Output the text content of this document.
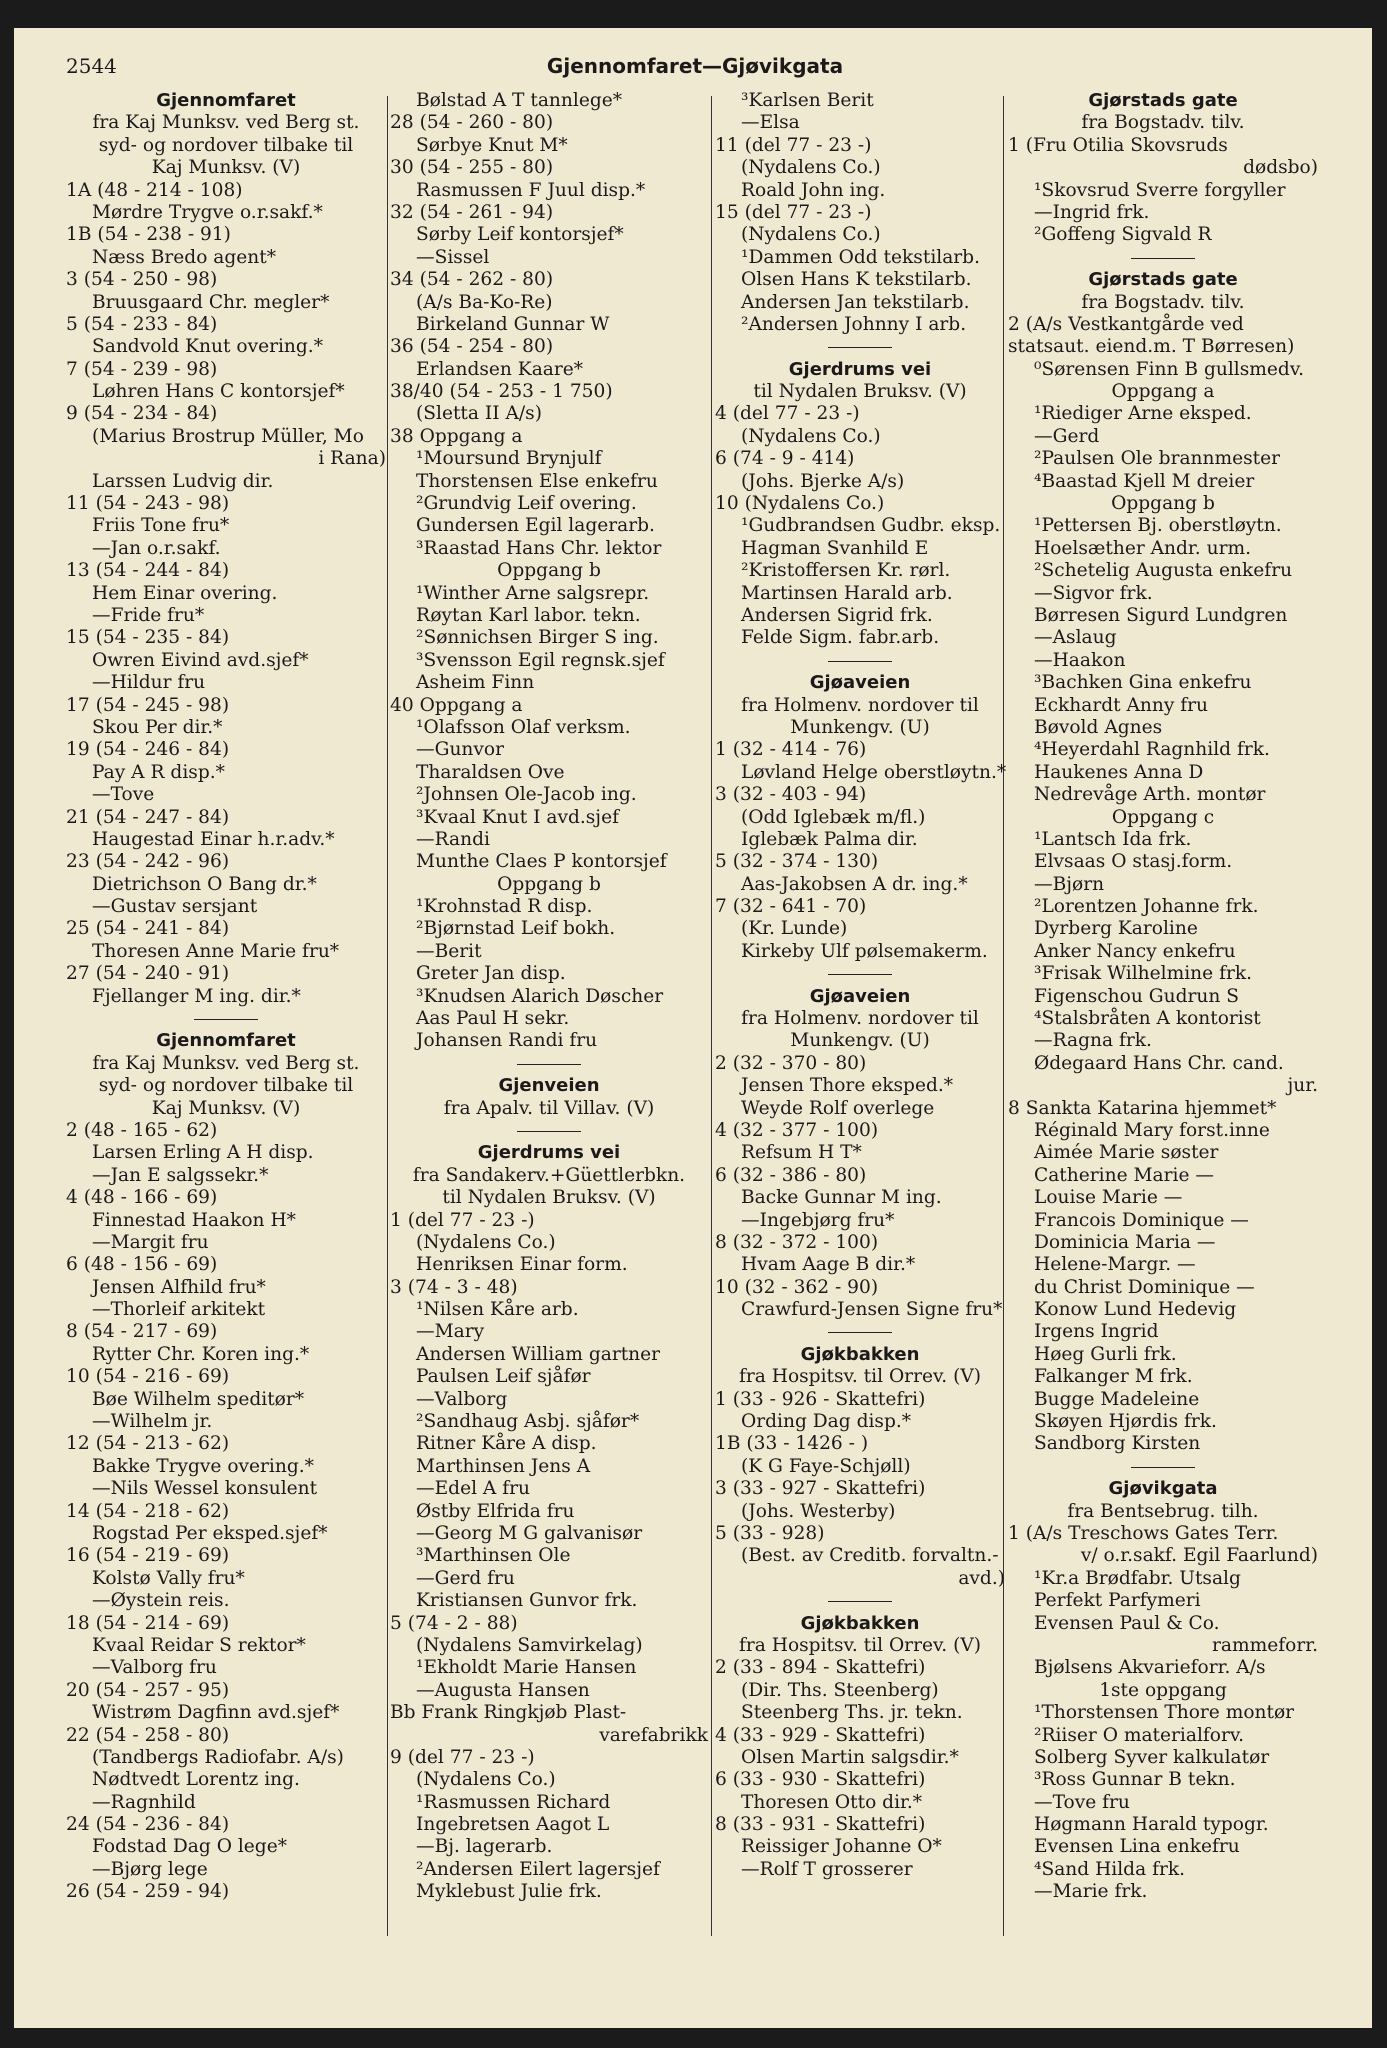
2544	Gjennomfaret—Gjøvikgata
Gjennomfaret
fra Kaj Munksv. ved Berg st.
syd- og nordover tilbake til
Kaj Munksv. (V)
1A (48 - 214 - 108)
Mørdre Trygve o.r.sakf.*
1B (54 - 238 - 91)
Næss Bredo agent*
3 (54 - 250 - 98)
Bruusgaard Chr. megler*
5 (54 - 233 - 84)
Sandvold Knut overing.*
7 (54 - 239 - 98)
Løhren Hans C kontorsjef*
9 (54 - 234 - 84)
(Marius Brostrup Müller, Mo
i Rana)
Larssen Ludvig dir.
11 (54 - 243 - 98)
Friis Tone fru*
—Jan o.r.sakf.
13 (54 - 244 - 84)
Hem Einar overing.
—Fride fru*
15 (54 - 235 - 84)
Owren Eivind avd.sjef*
—Hildur fru
17 (54 - 245 - 98)
Skou Per dir.*
19 (54 - 246 - 84)
Pay A R disp.*
—Tove
21 (54 - 247 - 84)
Haugestad Einar h.r.adv.*
23 (54 - 242 - 96)
Dietrichson O Bang dr.*
—Gustav sersjant
25 (54 - 241 - 84)
Thoresen Anne Marie fru*
27 (54 - 240 - 91)
Fjellanger M ing. dir.*
Gjennomfaret
fra Kaj Munksv. ved Berg st.
syd- og nordover tilbake til
Kaj Munksv. (V)
2 (48 - 165 - 62)
Larsen Erling A H disp.
—Jan E salgssekr.*
4 (48 - 166 - 69)
Finnestad Haakon H*
—Margit fru
6 (48 - 156 - 69)
Jensen Alfhild fru*
—Thorleif arkitekt
8 (54 - 217 - 69)
Rytter Chr. Koren ing.*
10 (54 - 216 - 69)
Bøe Wilhelm speditør*
—Wilhelm jr.
12 (54 - 213 - 62)
Bakke Trygve overing.*
—Nils Wessel konsulent
14 (54 - 218 - 62)
Rogstad Per eksped.sjef*
16 (54 - 219 - 69)
Kolstø Vally fru*
—Øystein reis.
18 (54 - 214 - 69)
Kvaal Reidar S rektor*
—Valborg fru
20 (54 - 257 - 95)
Wistrøm Dagfinn avd.sjef*
22 (54 - 258 - 80)
(Tandbergs Radiofabr. A/s)
Nødtvedt Lorentz ing.
—Ragnhild
24 (54 - 236 - 84)
Fodstad Dag O lege*
—Bjørg lege
26 (54 - 259 - 94)
Bølstad A T tannlege*
28 (54 - 260 - 80)
Sørbye Knut M*
30 (54 - 255 - 80)
Rasmussen F Juul disp.*
32 (54 - 261 - 94)
Sørby Leif kontorsjef*
—Sissel
34 (54 - 262 - 80)
(A/s Ba-Ko-Re)
Birkeland Gunnar W
36 (54 - 254 - 80)
Erlandsen Kaare*
38/40 (54 - 253 - 1 750)
(Sletta II A/s)
38 Oppgang a
¹Moursund Brynjulf
Thorstensen Else enkefru
²Grundvig Leif overing.
Gundersen Egil lagerarb.
³Raastad Hans Chr. lektor
Oppgang b
¹Winther Arne salgsrepr.
Røytan Karl labor. tekn.
²Sønnichsen Birger S ing.
³Svensson Egil regnsk.sjef
Asheim Finn
40 Oppgang a
¹Olafsson Olaf verksm.
—Gunvor
Tharaldsen Ove
²Johnsen Ole-Jacob ing.
³Kvaal Knut I avd.sjef
—Randi
Munthe Claes P kontorsjef
Oppgang b
¹Krohnstad R disp.
²Bjørnstad Leif bokh.
—Berit
Greter Jan disp.
³Knudsen Alarich Døscher
Aas Paul H sekr.
Johansen Randi fru
Gjenveien
fra Apalv. til Villav. (V)
Gjerdrums vei
fra Sandakerv.+Güettlerbkn.
til Nydalen Bruksv. (V)
1 (del 77 - 23 -)
(Nydalens Co.)
Henriksen Einar form.
3 (74 - 3 - 48)
¹Nilsen Kåre arb.
—Mary
Andersen William gartner
Paulsen Leif sjåfør
—Valborg
²Sandhaug Asbj. sjåfør*
Ritner Kåre A disp.
Marthinsen Jens A
—Edel A fru
Østby Elfrida fru
—Georg M G galvanisør
³Marthinsen Ole
—Gerd fru
Kristiansen Gunvor frk.
5 (74 - 2 - 88)
(Nydalens Samvirkelag)
¹Ekholdt Marie Hansen
—Augusta Hansen
Bb Frank Ringkjøb Plast-
varefabrikk
9 (del 77 - 23 -)
(Nydalens Co.)
¹Rasmussen Richard
Ingebretsen Aagot L
—Bj. lagerarb.
²Andersen Eilert lagersjef
Myklebust Julie frk.
³Karlsen Berit
—Elsa
11 (del 77 - 23 -)
(Nydalens Co.)
Roald John ing.
15 (del 77 - 23 -)
(Nydalens Co.)
¹Dammen Odd tekstilarb.
Olsen Hans K tekstilarb.
Andersen Jan tekstilarb.
²Andersen Johnny I arb.
Gjerdrums vei
til Nydalen Bruksv. (V)
4 (del 77 - 23 -)
(Nydalens Co.)
6 (74 - 9 - 414)
(Johs. Bjerke A/s)
10 (Nydalens Co.)
¹Gudbrandsen Gudbr. eksp.
Hagman Svanhild E
²Kristoffersen Kr. rørl.
Martinsen Harald arb.
Andersen Sigrid frk.
Felde Sigm. fabr.arb.
Gjøaveien
fra Holmenv. nordover til
Munkengv. (U)
1 (32 - 414 - 76)
Løvland Helge oberstløytn.*
3 (32 - 403 - 94)
(Odd Iglebæk m/fl.)
Iglebæk Palma dir.
5 (32 - 374 - 130)
Aas-Jakobsen A dr. ing.*
7 (32 - 641 - 70)
(Kr. Lunde)
Kirkeby Ulf pølsemakerm.
Gjøaveien
fra Holmenv. nordover til
Munkengv. (U)
2 (32 - 370 - 80)
Jensen Thore eksped.*
Weyde Rolf overlege
4 (32 - 377 - 100)
Refsum H T*
6 (32 - 386 - 80)
Backe Gunnar M ing.
—Ingebjørg fru*
8 (32 - 372 - 100)
Hvam Aage B dir.*
10 (32 - 362 - 90)
Crawfurd-Jensen Signe fru*
Gjøkbakken
fra Hospitsv. til Orrev. (V)
1 (33 - 926 - Skattefri)
Ording Dag disp.*
1B (33 - 1426 - )
(K G Faye-Schjøll)
3 (33 - 927 - Skattefri)
(Johs. Westerby)
5 (33 - 928)
(Best. av Creditb. forvaltn.-
avd.)
Gjøkbakken
fra Hospitsv. til Orrev. (V)
2 (33 - 894 - Skattefri)
(Dir. Ths. Steenberg)
Steenberg Ths. jr. tekn.
4 (33 - 929 - Skattefri)
Olsen Martin salgsdir.*
6 (33 - 930 - Skattefri)
Thoresen Otto dir.*
8 (33 - 931 - Skattefri)
Reissiger Johanne O*
—Rolf T grosserer
Gjørstads gate
fra Bogstadv. tilv.
1 (Fru Otilia Skovsruds
dødsbo)
¹Skovsrud Sverre forgyller
—Ingrid frk.
²Goffeng Sigvald R
Gjørstads gate
fra Bogstadv. tilv.
2 (A/s Vestkantgårde ved
statsaut. eiend.m. T Børresen)
⁰Sørensen Finn B gullsmedv.
Oppgang a
¹Riediger Arne eksped.
—Gerd
²Paulsen Ole brannmester
⁴Baastad Kjell M dreier
Oppgang b
¹Pettersen Bj. oberstløytn.
Hoelsæther Andr. urm.
²Schetelig Augusta enkefru
—Sigvor frk.
Børresen Sigurd Lundgren
—Aslaug
—Haakon
³Bachken Gina enkefru
Eckhardt Anny fru
Bøvold Agnes
⁴Heyerdahl Ragnhild frk.
Haukenes Anna D
Nedrevåge Arth. montør
Oppgang c
¹Lantsch Ida frk.
Elvsaas O stasj.form.
—Bjørn
²Lorentzen Johanne frk.
Dyrberg Karoline
Anker Nancy enkefru
³Frisak Wilhelmine frk.
Figenschou Gudrun S
⁴Stalsbråten A kontorist
—Ragna frk.
Ødegaard Hans Chr. cand.
jur.
8 Sankta Katarina hjemmet*
Réginald Mary forst.inne
Aimée Marie søster
Catherine Marie —
Louise Marie —
Francois Dominique —
Dominicia Maria —
Helene-Margr. —
du Christ Dominique —
Konow Lund Hedevig
Irgens Ingrid
Høeg Gurli frk.
Falkanger M frk.
Bugge Madeleine
Skøyen Hjørdis frk.
Sandborg Kirsten
Gjøvikgata
fra Bentsebrug. tilh.
1 (A/s Treschows Gates Terr.
v/ o.r.sakf. Egil Faarlund)
¹Kr.a Brødfabr. Utsalg
Perfekt Parfymeri
Evensen Paul & Co.
rammeforr.
Bjølsens Akvarieforr. A/s
1ste oppgang
¹Thorstensen Thore montør
²Riiser O materialforv.
Solberg Syver kalkulatør
³Ross Gunnar B tekn.
—Tove fru
Høgmann Harald typogr.
Evensen Lina enkefru
⁴Sand Hilda frk.
—Marie frk.
